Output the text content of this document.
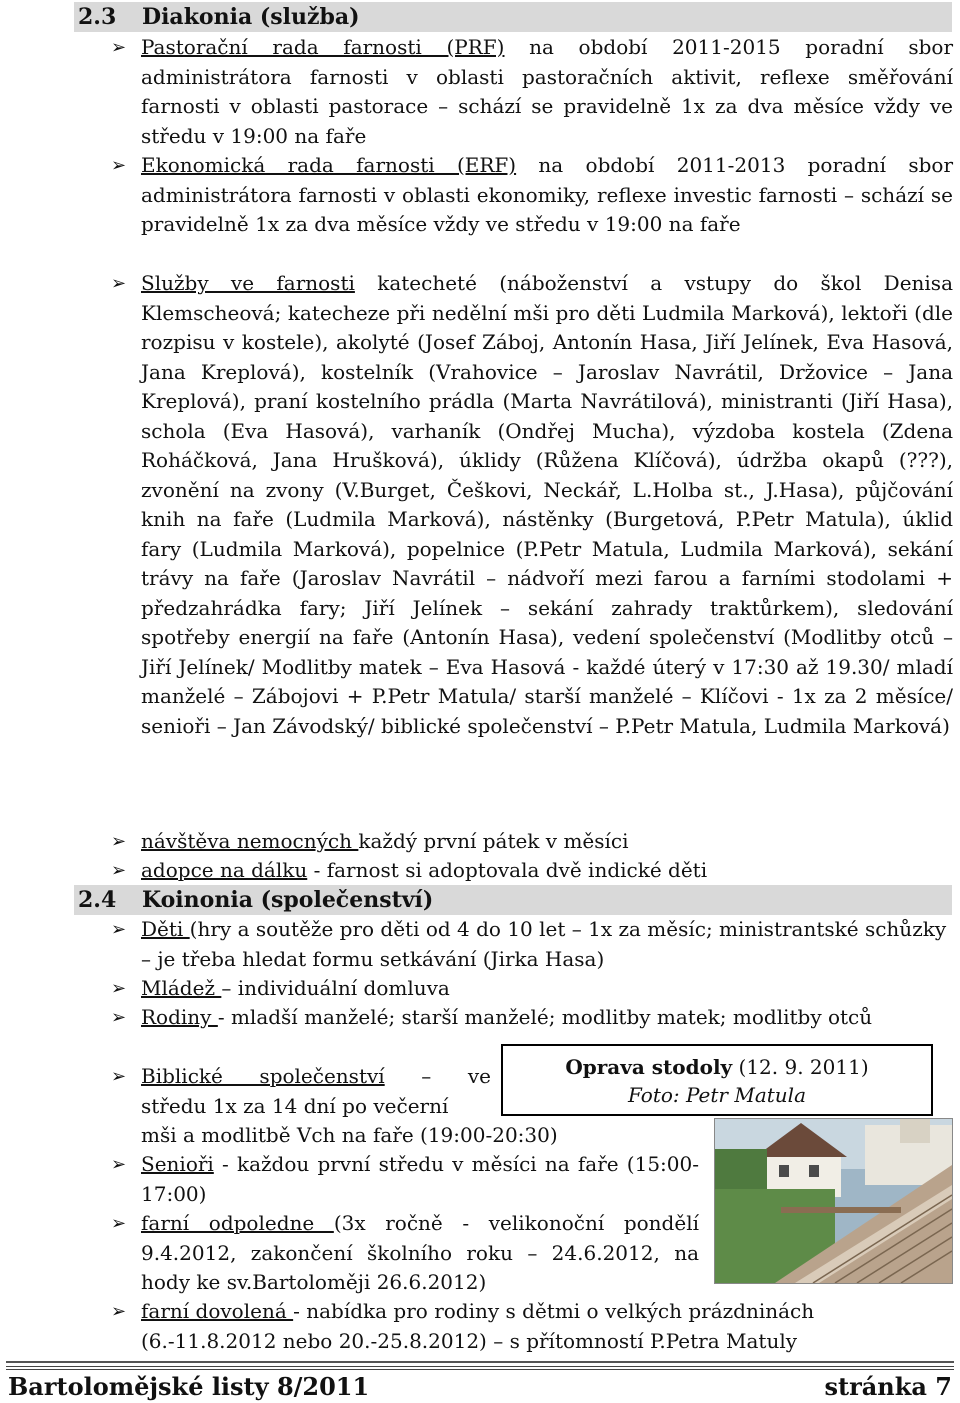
2.3 Diakonia (služba)
➢ Pastorační rada farnosti (PRF) na období 2011-2015 poradní sbor administrátora farnosti v oblasti pastoračních aktivit, reflexe směřování farnosti v oblasti pastorace – schází se pravidelně 1x za dva měsíce vždy ve středu v 19:00 na faře
➢ Ekonomická rada farnosti (ERF) na období 2011-2013 poradní sbor administrátora farnosti v oblasti ekonomiky, reflexe investic farnosti – schází se pravidelně 1x za dva měsíce vždy ve středu v 19:00 na faře
➢ Služby ve farnosti katecheté (náboženství a vstupy do škol Denisa Klemscheová; katecheze při nedělní mši pro děti Ludmila Marková), lektoři (dle rozpisu v kostele), akolyté (Josef Záboj, Antonín Hasa, Jiří Jelínek, Eva Hasová, Jana Kreplová), kostelník (Vrahovice – Jaroslav Navrátil, Držovice – Jana Kreplová), praní kostelního prádla (Marta Navrátilová), ministranti (Jiří Hasa), schola (Eva Hasová), varhaník (Ondřej Mucha), výzdoba kostela (Zdena Roháčková, Jana Hrušková), úklidy (Růžena Klíčová), údržba okapů (???), zvonění na zvony (V.Burget, Češkovi, Neckář, L.Holba st., J.Hasa), půjčování knih na faře (Ludmila Marková), nástěnky (Burgetová, P.Petr Matula), úklid fary (Ludmila Marková), popelnice (P.Petr Matula, Ludmila Marková), sekání trávy na faře (Jaroslav Navrátil – nádvoří mezi farou a farními stodolami + předzahrádka fary; Jiří Jelínek – sekání zahrady traktůrkem), sledování spotřeby energií na faře (Antonín Hasa), vedení společenství (Modlitby otců – Jiří Jelínek/ Modlitby matek – Eva Hasová - každé úterý v 17:30 až 19.30/ mladí manželé – Zábojovi + P.Petr Matula/ starší manželé – Klíčovi - 1x za 2 měsíce/ senioři – Jan Závodský/ biblické společenství – P.Petr Matula, Ludmila Marková)
➢ návštěva nemocných každý první pátek v měsíci
➢ adopce na dálku - farnost si adoptovala dvě indické děti
2.4 Koinonia (společenství)
➢ Děti (hry a soutěže pro děti od 4 do 10 let – 1x za měsíc; ministrantské schůzky – je třeba hledat formu setkávání (Jirka Hasa)
➢ Mládež – individuální domluva
➢ Rodiny - mladší manželé; starší manželé; modlitby matek; modlitby otců
➢ Biblické společenství – ve
středu 1x za 14 dní po večerní
mši a modlitbě Vch na faře (19:00-20:30)
➢ Senioři - každou první středu v měsíci na faře (15:00-17:00)
➢ farní odpoledne (3x ročně - velikonoční pondělí 9.4.2012, zakončení školního roku – 24.6.2012, na hody ke sv.Bartoloměji 26.6.2012)
➢ farní dovolená - nabídka pro rodiny s dětmi o velkých prázdninách (6.-11.8.2012 nebo 20.-25.8.2012) – s přítomností P.Petra Matuly
Oprava stodoly (12. 9. 2011)
Foto: Petr Matula
Bartolomějské listy 8/2011	stránka 7
